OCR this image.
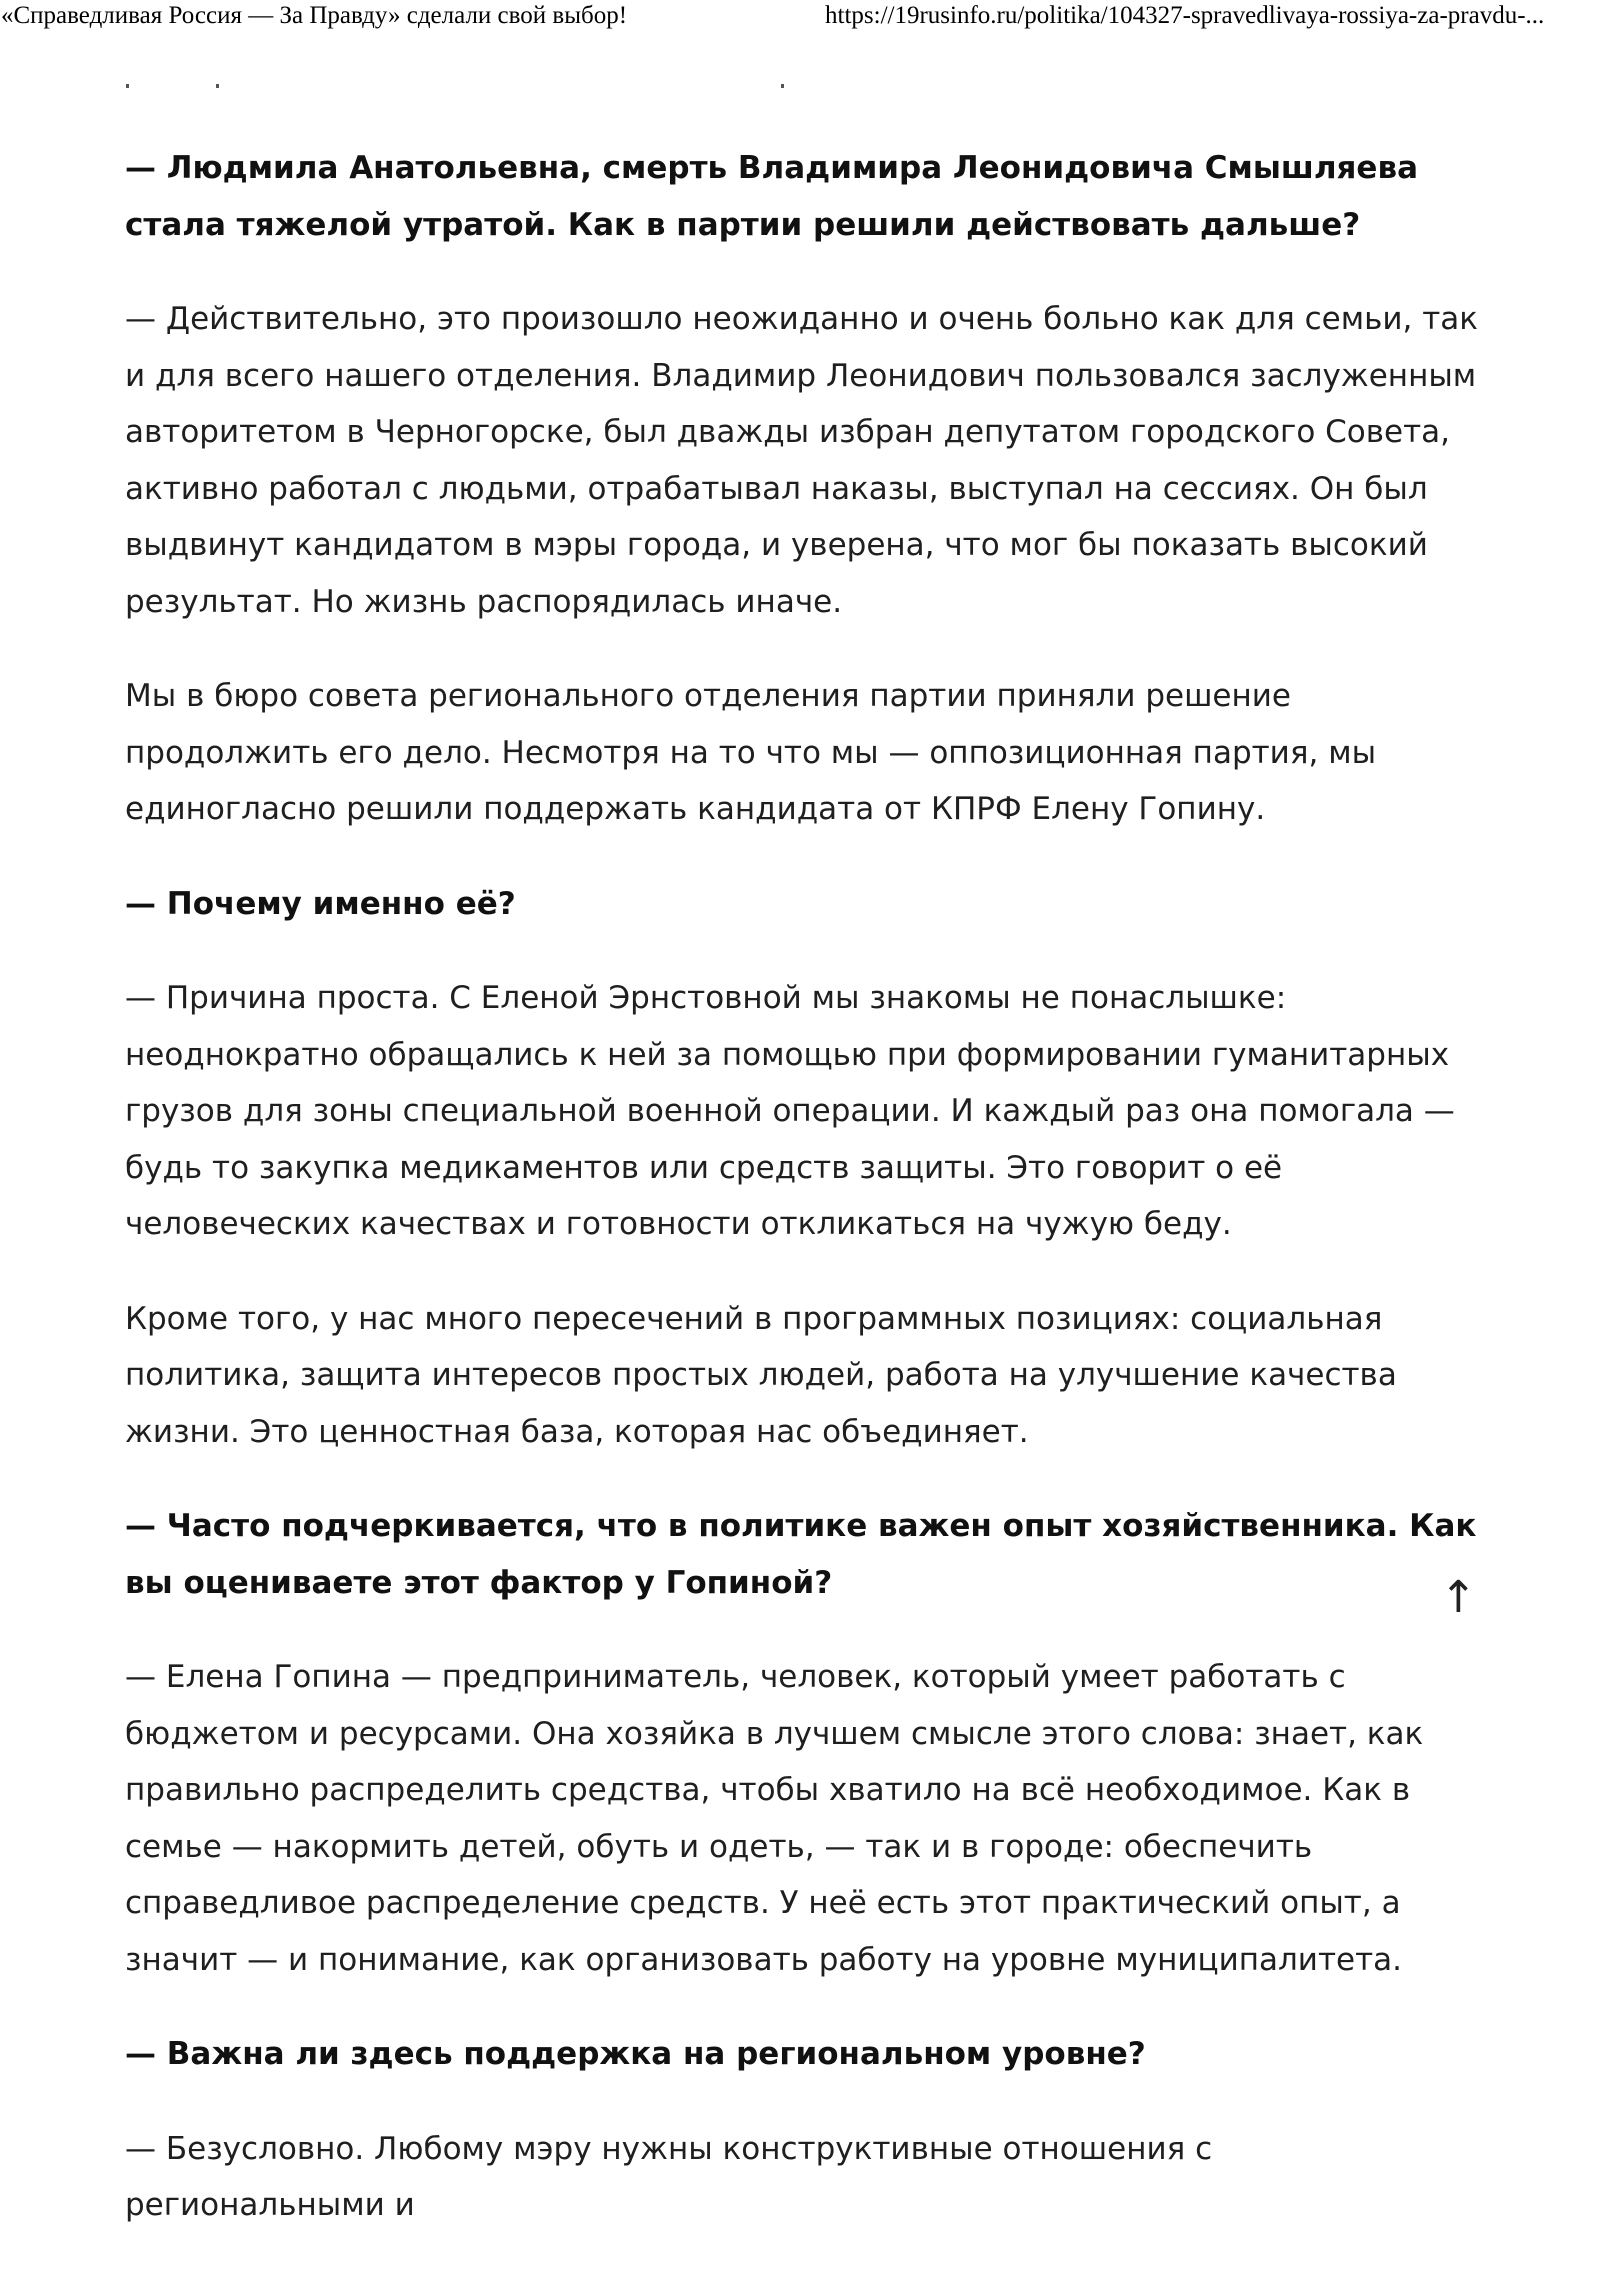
«Справедливая Россия — За Правду» сделали свой выбор!	https://19rusinfo.ru/politika/104327-spravedlivaya-rossiya-za-pravdu-...

— Людмила Анатольевна, смерть Владимира Леонидовича Смышляева стала тяжелой утратой. Как в партии решили действовать дальше?

— Действительно, это произошло неожиданно и очень больно как для семьи, так и для всего нашего отделения. Владимир Леонидович пользовался заслуженным авторитетом в Черногорске, был дважды избран депутатом городского Совета, активно работал с людьми, отрабатывал наказы, выступал на сессиях. Он был выдвинут кандидатом в мэры города, и уверена, что мог бы показать высокий результат. Но жизнь распорядилась иначе.

Мы в бюро совета регионального отделения партии приняли решение продолжить его дело. Несмотря на то что мы — оппозиционная партия, мы единогласно решили поддержать кандидата от КПРФ Елену Гопину.

— Почему именно её?

— Причина проста. С Еленой Эрнстовной мы знакомы не понаслышке: неоднократно обращались к ней за помощью при формировании гуманитарных грузов для зоны специальной военной операции. И каждый раз она помогала — будь то закупка медикаментов или средств защиты. Это говорит о её человеческих качествах и готовности откликаться на чужую беду.

Кроме того, у нас много пересечений в программных позициях: социальная политика, защита интересов простых людей, работа на улучшение качества жизни. Это ценностная база, которая нас объединяет.

— Часто подчеркивается, что в политике важен опыт хозяйственника. Как вы оцениваете этот фактор у Гопиной?

— Елена Гопина — предприниматель, человек, который умеет работать с бюджетом и ресурсами. Она хозяйка в лучшем смысле этого слова: знает, как правильно распределить средства, чтобы хватило на всё необходимое. Как в семье — накормить детей, обуть и одеть, — так и в городе: обеспечить справедливое распределение средств. У неё есть этот практический опыт, а значит — и понимание, как организовать работу на уровне муниципалитета.

— Важна ли здесь поддержка на региональном уровне?

— Безусловно. Любому мэру нужны конструктивные отношения с региональными и

↑
